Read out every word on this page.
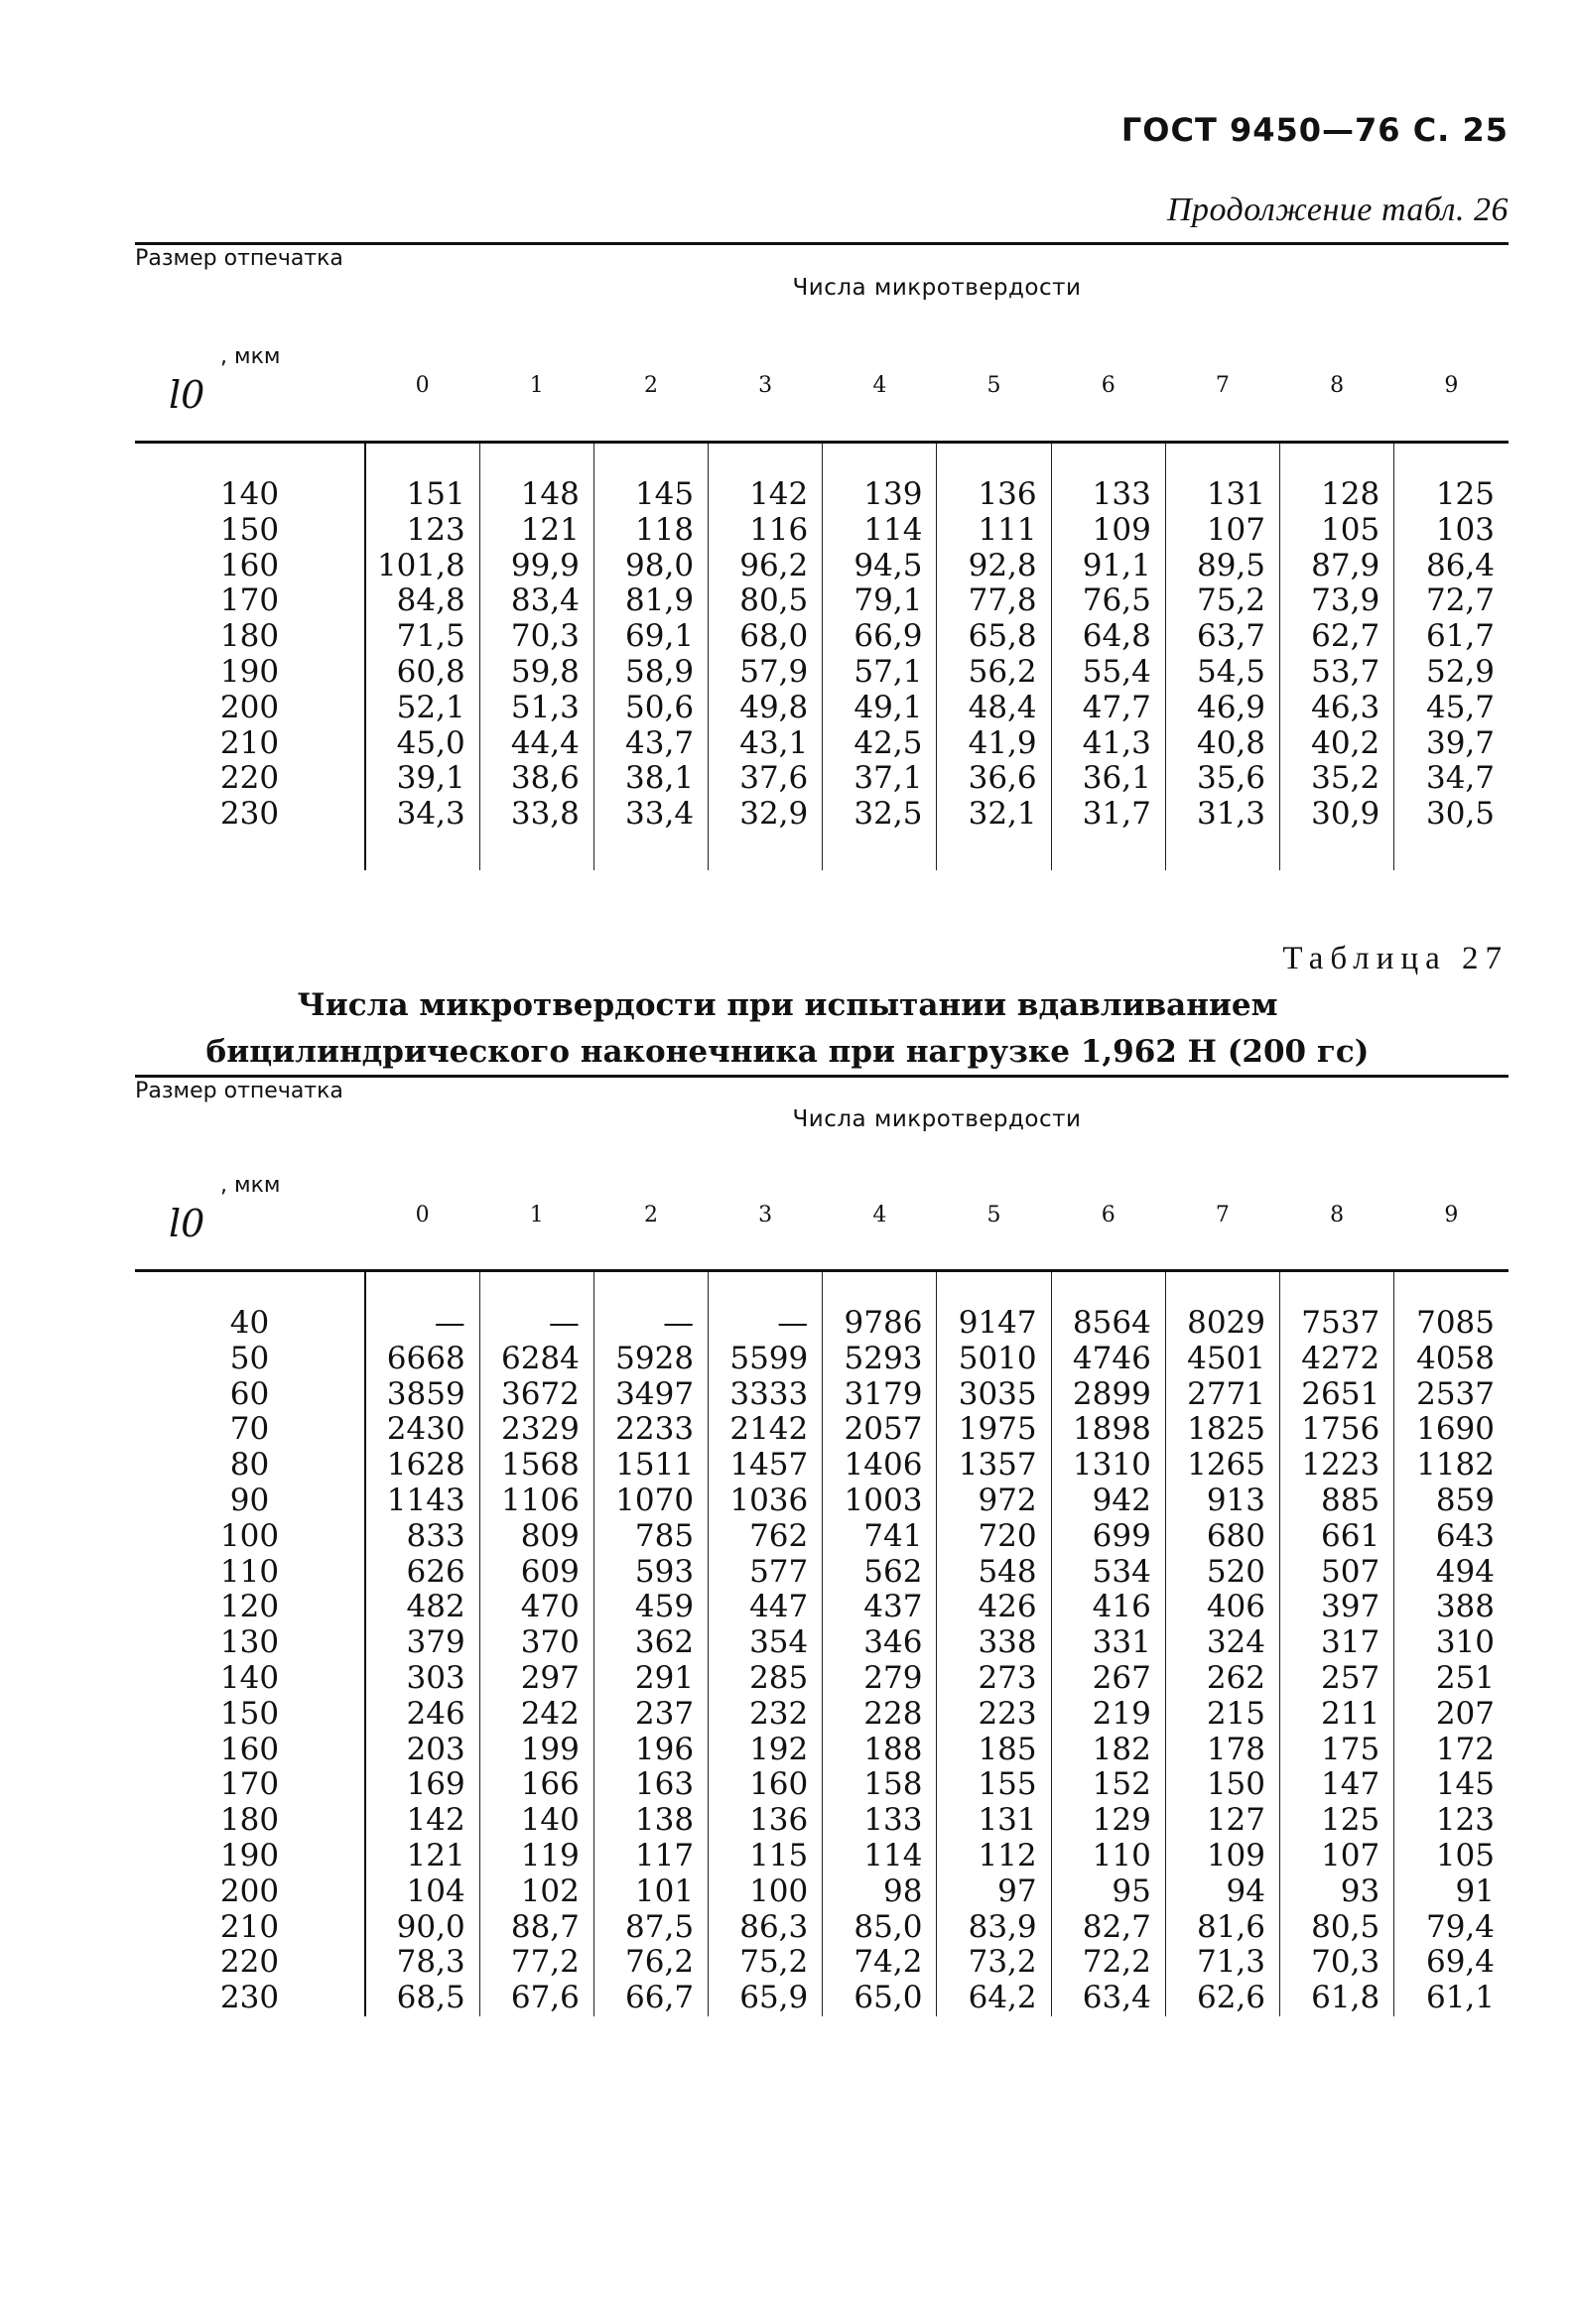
ГОСТ 9450—76 С. 25
Продолжение табл. 26
Размер отпечатка
, мкм
l0	Числа микротвердости									
	0	1	2	3	4	5	6	7	8	9

140	151	148	145	142	139	136	133	131	128	125
150	123	121	118	116	114	111	109	107	105	103
160	101,8	99,9	98,0	96,2	94,5	92,8	91,1	89,5	87,9	86,4
170	84,8	83,4	81,9	80,5	79,1	77,8	76,5	75,2	73,9	72,7
180	71,5	70,3	69,1	68,0	66,9	65,8	64,8	63,7	62,7	61,7
190	60,8	59,8	58,9	57,9	57,1	56,2	55,4	54,5	53,7	52,9
200	52,1	51,3	50,6	49,8	49,1	48,4	47,7	46,9	46,3	45,7
210	45,0	44,4	43,7	43,1	42,5	41,9	41,3	40,8	40,2	39,7
220	39,1	38,6	38,1	37,6	37,1	36,6	36,1	35,6	35,2	34,7
230	34,3	33,8	33,4	32,9	32,5	32,1	31,7	31,3	30,9	30,5

Таблица 27
Числа микротвердости при испытании вдавливанием
бицилиндрического наконечника при нагрузке 1,962 Н (200 гс)
Размер отпечатка
, мкм
l0	Числа микротвердости									
	0	1	2	3	4	5	6	7	8	9

40	—	—	—	—	9786	9147	8564	8029	7537	7085
50	6668	6284	5928	5599	5293	5010	4746	4501	4272	4058
60	3859	3672	3497	3333	3179	3035	2899	2771	2651	2537
70	2430	2329	2233	2142	2057	1975	1898	1825	1756	1690
80	1628	1568	1511	1457	1406	1357	1310	1265	1223	1182
90	1143	1106	1070	1036	1003	972	942	913	885	859
100	833	809	785	762	741	720	699	680	661	643
110	626	609	593	577	562	548	534	520	507	494
120	482	470	459	447	437	426	416	406	397	388
130	379	370	362	354	346	338	331	324	317	310
140	303	297	291	285	279	273	267	262	257	251
150	246	242	237	232	228	223	219	215	211	207
160	203	199	196	192	188	185	182	178	175	172
170	169	166	163	160	158	155	152	150	147	145
180	142	140	138	136	133	131	129	127	125	123
190	121	119	117	115	114	112	110	109	107	105
200	104	102	101	100	98	97	95	94	93	91
210	90,0	88,7	87,5	86,3	85,0	83,9	82,7	81,6	80,5	79,4
220	78,3	77,2	76,2	75,2	74,2	73,2	72,2	71,3	70,3	69,4
230	68,5	67,6	66,7	65,9	65,0	64,2	63,4	62,6	61,8	61,1
